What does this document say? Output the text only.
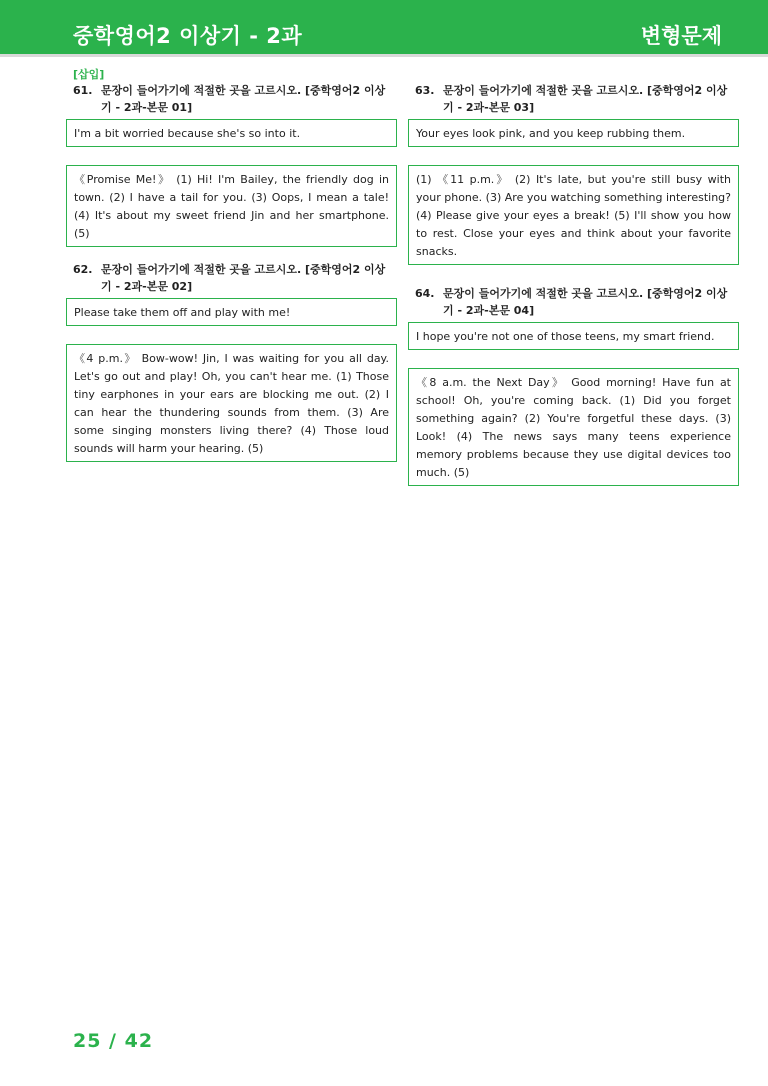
중학영어2 이상기 - 2과	변형문제
[삽입]
61. 문장이 들어가기에 적절한 곳을 고르시오. [중학영어2 이상기 - 2과-본문 01]
I'm a bit worried because she's so into it.
《Promise Me!》 (1) Hi! I'm Bailey, the friendly dog in town. (2) I have a tail for you. (3) Oops, I mean a tale! (4) It's about my sweet friend Jin and her smartphone. (5)
62. 문장이 들어가기에 적절한 곳을 고르시오. [중학영어2 이상기 - 2과-본문 02]
Please take them off and play with me!
《4 p.m.》 Bow-wow! Jin, I was waiting for you all day. Let's go out and play! Oh, you can't hear me. (1) Those tiny earphones in your ears are blocking me out. (2) I can hear the thundering sounds from them. (3) Are some singing monsters living there? (4) Those loud sounds will harm your hearing. (5)
63. 문장이 들어가기에 적절한 곳을 고르시오. [중학영어2 이상기 - 2과-본문 03]
Your eyes look pink, and you keep rubbing them.
(1) 《11 p.m.》 (2) It's late, but you're still busy with your phone. (3) Are you watching something interesting? (4) Please give your eyes a break! (5) I'll show you how to rest. Close your eyes and think about your favorite snacks.
64. 문장이 들어가기에 적절한 곳을 고르시오. [중학영어2 이상기 - 2과-본문 04]
I hope you're not one of those teens, my smart friend.
《8 a.m. the Next Day》 Good morning! Have fun at school! Oh, you're coming back. (1) Did you forget something again? (2) You're forgetful these days. (3) Look! (4) The news says many teens experience memory problems because they use digital devices too much. (5)
25 / 42
